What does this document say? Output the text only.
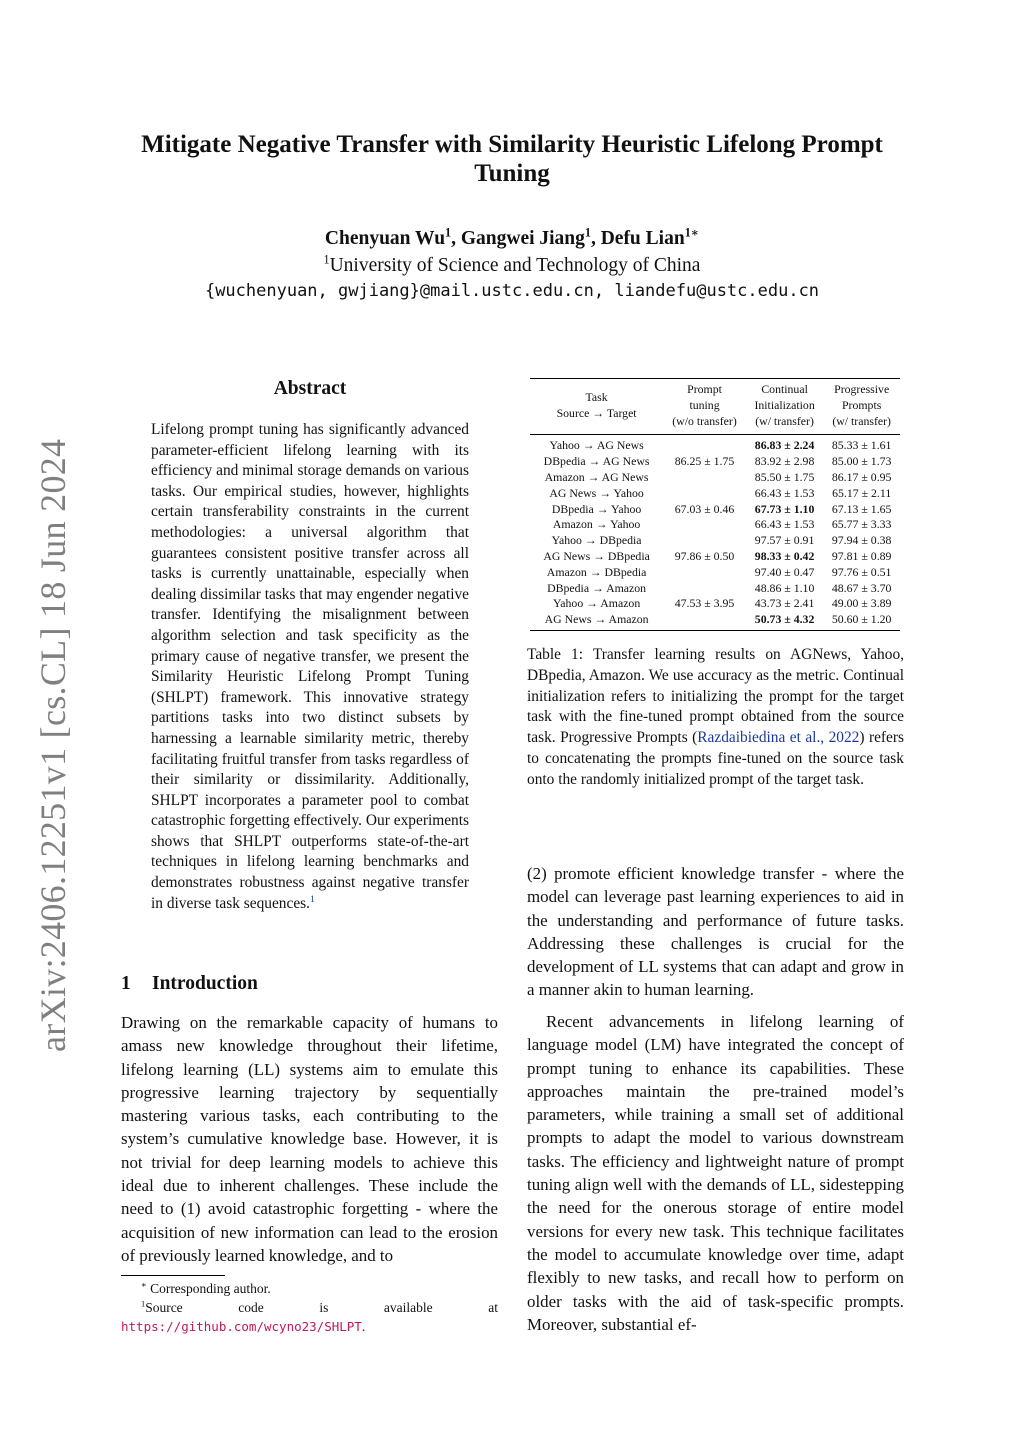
arXiv:2406.12251v1 [cs.CL] 18 Jun 2024
Mitigate Negative Transfer with Similarity Heuristic Lifelong Prompt Tuning
Chenyuan Wu$^1$, Gangwei Jiang$^1$, Defu Lian$^{1∗}$
$^1$University of Science and Technology of China
{wuchenyuan, gwjiang}@mail.ustc.edu.cn, liandefu@ustc.edu.cn
Abstract
Lifelong prompt tuning has significantly advanced parameter-efficient lifelong learning with its efficiency and minimal storage demands on various tasks. Our empirical studies, however, highlights certain transferability constraints in the current methodologies: a universal algorithm that guarantees consistent positive transfer across all tasks is currently unattainable, especially when dealing dissimilar tasks that may engender negative transfer. Identifying the misalignment between algorithm selection and task specificity as the primary cause of negative transfer, we present the Similarity Heuristic Lifelong Prompt Tuning (SHLPT) framework. This innovative strategy partitions tasks into two distinct subsets by harnessing a learnable similarity metric, thereby facilitating fruitful transfer from tasks regardless of their similarity or dissimilarity. Additionally, SHLPT incorporates a parameter pool to combat catastrophic forgetting effectively. Our experiments shows that SHLPT outperforms state-of-the-art techniques in lifelong learning benchmarks and demonstrates robustness against negative transfer in diverse task sequences.$^1$
1 Introduction
Drawing on the remarkable capacity of humans to amass new knowledge throughout their lifetime, lifelong learning (LL) systems aim to emulate this progressive learning trajectory by sequentially mastering various tasks, each contributing to the system’s cumulative knowledge base. However, it is not trivial for deep learning models to achieve this ideal due to inherent challenges. These include the need to (1) avoid catastrophic forgetting - where the acquisition of new information can lead to the erosion of previously learned knowledge, and to
∗ Corresponding author.
$^1$Source code is available at https://github.com/wcyno23/SHLPT.
Task
Source → Target	Prompt
tuning
(w/o transfer)	Continual
Initialization
(w/ transfer)	Progressive
Prompts
(w/ transfer)
Yahoo → AG News		86.83 ± 2.24	85.33 ± 1.61
DBpedia → AG News	86.25 ± 1.75	83.92 ± 2.98	85.00 ± 1.73
Amazon → AG News		85.50 ± 1.75	86.17 ± 0.95
AG News → Yahoo		66.43 ± 1.53	65.17 ± 2.11
DBpedia → Yahoo	67.03 ± 0.46	67.73 ± 1.10	67.13 ± 1.65
Amazon → Yahoo		66.43 ± 1.53	65.77 ± 3.33
Yahoo → DBpedia		97.57 ± 0.91	97.94 ± 0.38
AG News → DBpedia	97.86 ± 0.50	98.33 ± 0.42	97.81 ± 0.89
Amazon → DBpedia		97.40 ± 0.47	97.76 ± 0.51
DBpedia → Amazon		48.86 ± 1.10	48.67 ± 3.70
Yahoo → Amazon	47.53 ± 3.95	43.73 ± 2.41	49.00 ± 3.89
AG News → Amazon		50.73 ± 4.32	50.60 ± 1.20
Table 1: Transfer learning results on AGNews, Yahoo, DBpedia, Amazon. We use accuracy as the metric. Continual initialization refers to initializing the prompt for the target task with the fine-tuned prompt obtained from the source task. Progressive Prompts (Razdaibiedina et al., 2022) refers to concatenating the prompts fine-tuned on the source task onto the randomly initialized prompt of the target task.
(2) promote efficient knowledge transfer - where the model can leverage past learning experiences to aid in the understanding and performance of future tasks. Addressing these challenges is crucial for the development of LL systems that can adapt and grow in a manner akin to human learning.
Recent advancements in lifelong learning of language model (LM) have integrated the concept of prompt tuning to enhance its capabilities. These approaches maintain the pre-trained model’s parameters, while training a small set of additional prompts to adapt the model to various downstream tasks. The efficiency and lightweight nature of prompt tuning align well with the demands of LL, sidestepping the need for the onerous storage of entire model versions for every new task. This technique facilitates the model to accumulate knowledge over time, adapt flexibly to new tasks, and recall how to perform on older tasks with the aid of task-specific prompts. Moreover, substantial ef-
